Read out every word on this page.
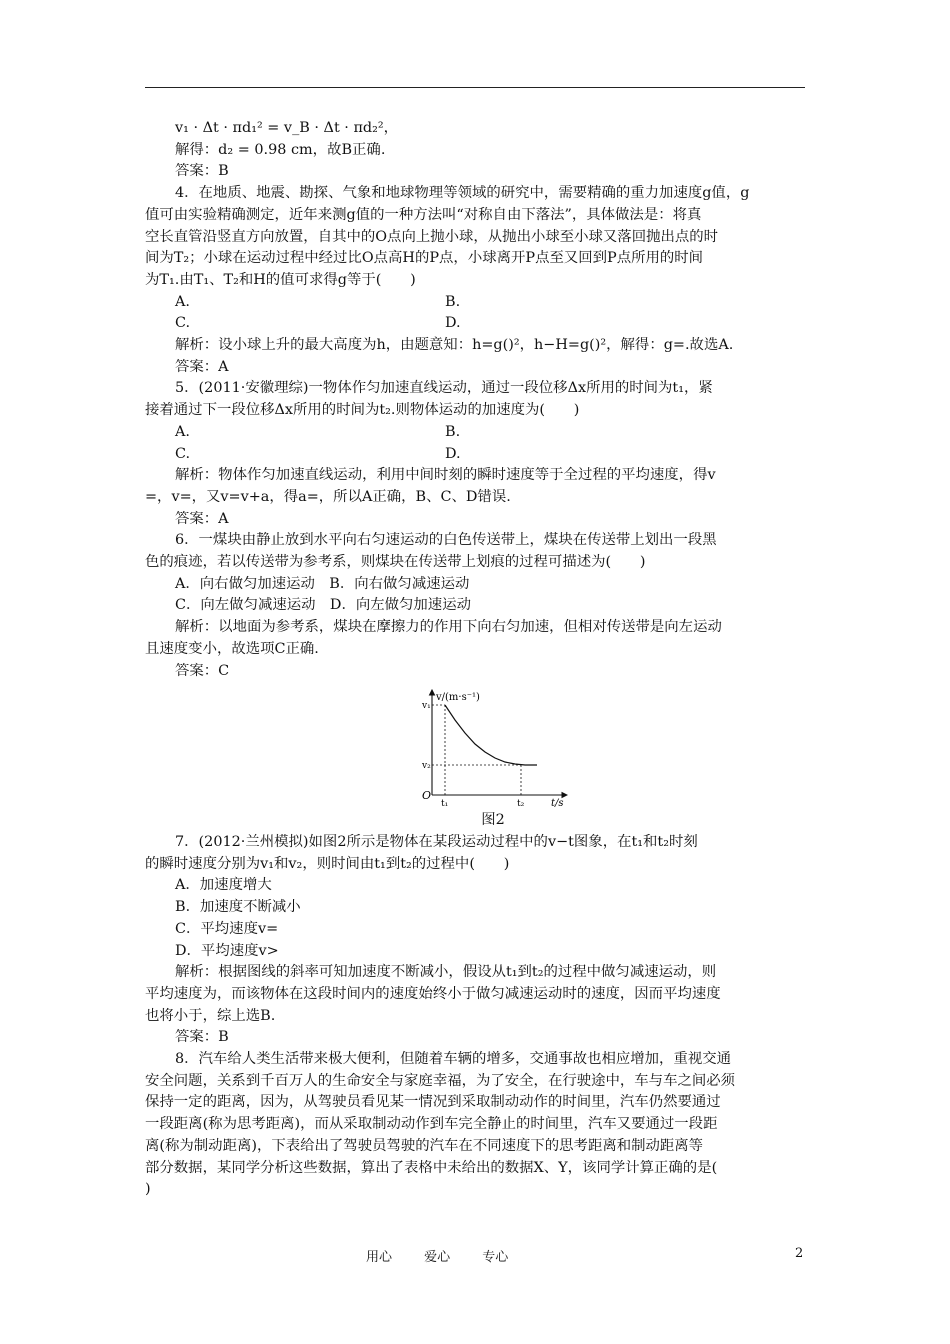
v₁ · Δt · πd₁² = v_B · Δt · πd₂²，

解得：d₂ = 0.98 cm，故B正确.

答案：B

4．在地质、地震、勘探、气象和地球物理等领域的研究中，需要精确的重力加速度g值，g

值可由实验精确测定，近年来测g值的一种方法叫“对称自由下落法”，具体做法是：将真

空长直管沿竖直方向放置，自其中的O点向上抛小球，从抛出小球至小球又落回抛出点的时

间为T₂；小球在运动过程中经过比O点高H的P点，小球离开P点至又回到P点所用的时间

为T₁.由T₁、T₂和H的值可求得g等于(　　)

A.	B.
C.	D.

解析：设小球上升的最大高度为h，由题意知：h=g()²，h−H=g()²，解得：g=.故选A.

答案：A

5．(2011·安徽理综)一物体作匀加速直线运动，通过一段位移Δx所用的时间为t₁，紧

接着通过下一段位移Δx所用的时间为t₂.则物体运动的加速度为(　　)

A.	B.
C.	D.

解析：物体作匀加速直线运动，利用中间时刻的瞬时速度等于全过程的平均速度，得v

=，v=，又v=v+a，得a=，所以A正确，B、C、D错误.

答案：A

6．一煤块由静止放到水平向右匀速运动的白色传送带上，煤块在传送带上划出一段黑

色的痕迹，若以传送带为参考系，则煤块在传送带上划痕的过程可描述为(　　)

A．向右做匀加速运动　B．向右做匀减速运动

C．向左做匀减速运动　D．向左做匀加速运动

解析：以地面为参考系，煤块在摩擦力的作用下向右匀加速，但相对传送带是向左运动

且速度变小，故选项C正确.

答案：C

v/(m·s⁻¹)
t/s
O
v₁
v₂
t₁	t₂

图2

7．(2012·兰州模拟)如图2所示是物体在某段运动过程中的v−t图象，在t₁和t₂时刻

的瞬时速度分别为v₁和v₂，则时间由t₁到t₂的过程中(　　)

A．加速度增大

B．加速度不断减小

C．平均速度v=

D．平均速度v>

解析：根据图线的斜率可知加速度不断减小，假设从t₁到t₂的过程中做匀减速运动，则

平均速度为，而该物体在这段时间内的速度始终小于做匀减速运动时的速度，因而平均速度

也将小于，综上选B.

答案：B

8．汽车给人类生活带来极大便利，但随着车辆的增多，交通事故也相应增加，重视交通

安全问题，关系到千百万人的生命安全与家庭幸福，为了安全，在行驶途中，车与车之间必须

保持一定的距离，因为，从驾驶员看见某一情况到采取制动动作的时间里，汽车仍然要通过

一段距离(称为思考距离)，而从采取制动动作到车完全静止的时间里，汽车又要通过一段距

离(称为制动距离)，下表给出了驾驶员驾驶的汽车在不同速度下的思考距离和制动距离等

部分数据，某同学分析这些数据，算出了表格中未给出的数据X、Y，该同学计算正确的是(

)

用心 爱心 专心	2
